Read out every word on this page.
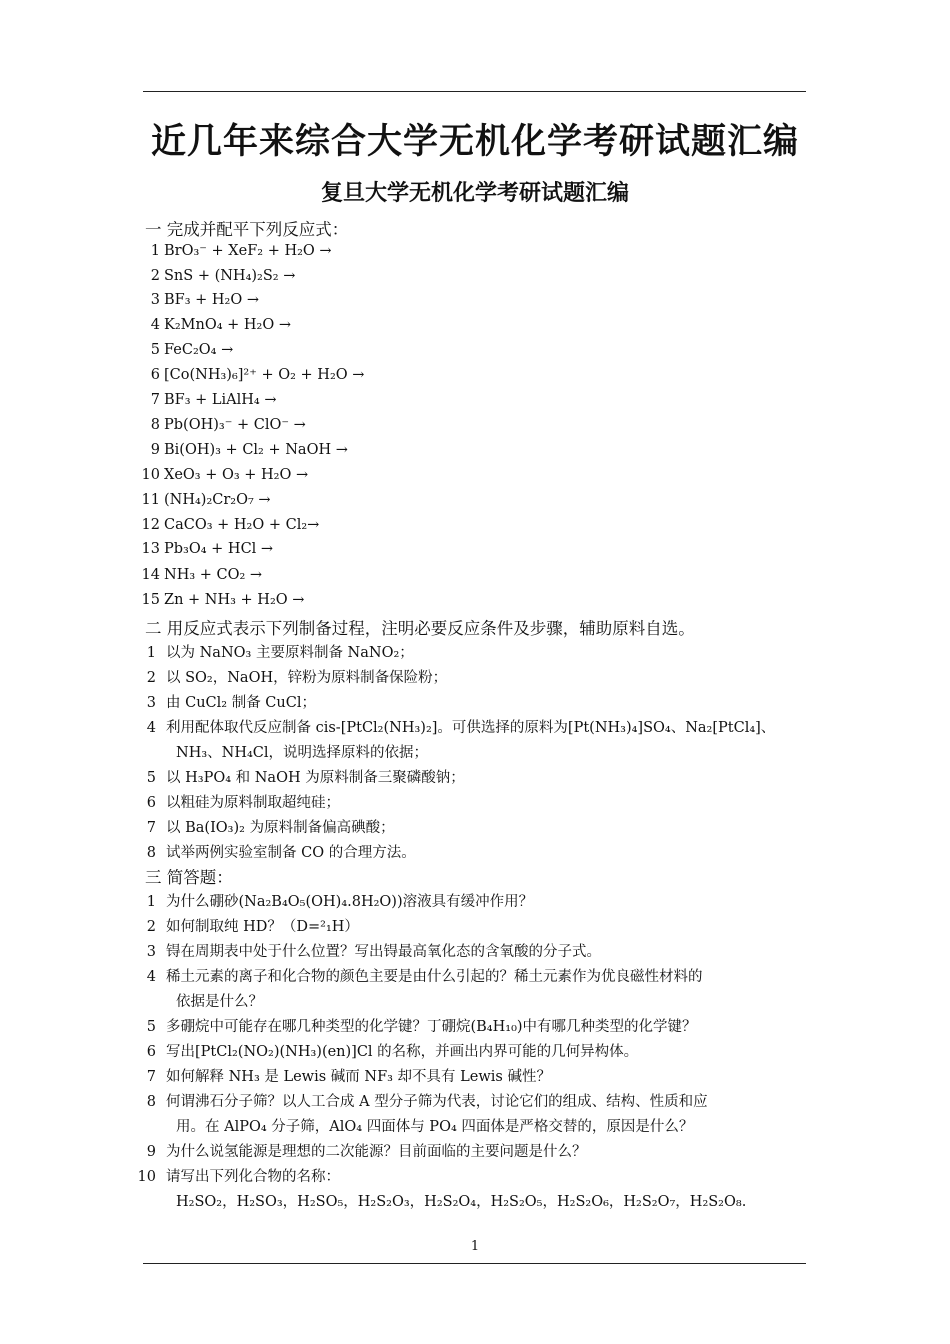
近几年来综合大学无机化学考研试题汇编
复旦大学无机化学考研试题汇编
一 完成并配平下列反应式：
1 BrO₃⁻ + XeF₂ + H₂O →
2 SnS + (NH₄)₂S₂ →
3 BF₃ + H₂O →
4 K₂MnO₄ + H₂O →
5 FeC₂O₄ →
6 [Co(NH₃)₆]²⁺ + O₂ + H₂O →
7 BF₃ + LiAlH₄ →
8 Pb(OH)₃⁻ + ClO⁻ →
9 Bi(OH)₃ + Cl₂ + NaOH →
10 XeO₃ + O₃ + H₂O →
11 (NH₄)₂Cr₂O₇ →
12 CaCO₃ + H₂O + Cl₂→
13 Pb₃O₄ + HCl →
14 NH₃ + CO₂ →
15 Zn + NH₃ + H₂O →
二 用反应式表示下列制备过程，注明必要反应条件及步骤，辅助原料自选。
1 以为 NaNO₃ 主要原料制备 NaNO₂；
2 以 SO₂，NaOH，锌粉为原料制备保险粉；
3 由 CuCl₂ 制备 CuCl；
4 利用配体取代反应制备 cis-[PtCl₂(NH₃)₂]。可供选择的原料为[Pt(NH₃)₄]SO₄、Na₂[PtCl₄]、
NH₃、NH₄Cl，说明选择原料的依据；
5 以 H₃PO₄ 和 NaOH 为原料制备三聚磷酸钠；
6 以粗硅为原料制取超纯硅；
7 以 Ba(IO₃)₂ 为原料制备偏高碘酸；
8 试举两例实验室制备 CO 的合理方法。
三 简答题：
1 为什么硼砂(Na₂B₄O₅(OH)₄.8H₂O))溶液具有缓冲作用？
2 如何制取纯 HD？（D=²₁H）
3 锝在周期表中处于什么位置？写出锝最高氧化态的含氧酸的分子式。
4 稀土元素的离子和化合物的颜色主要是由什么引起的？稀土元素作为优良磁性材料的
依据是什么？
5 多硼烷中可能存在哪几种类型的化学键？丁硼烷(B₄H₁₀)中有哪几种类型的化学键？
6 写出[PtCl₂(NO₂)(NH₃)(en)]Cl 的名称，并画出内界可能的几何异构体。
7 如何解释 NH₃ 是 Lewis 碱而 NF₃ 却不具有 Lewis 碱性？
8 何谓沸石分子筛？以人工合成 A 型分子筛为代表，讨论它们的组成、结构、性质和应
用。在 AlPO₄ 分子筛，AlO₄ 四面体与 PO₄ 四面体是严格交替的，原因是什么？
9 为什么说氢能源是理想的二次能源？目前面临的主要问题是什么？
10 请写出下列化合物的名称：
H₂SO₂，H₂SO₃，H₂SO₅，H₂S₂O₃，H₂S₂O₄，H₂S₂O₅，H₂S₂O₆，H₂S₂O₇，H₂S₂O₈.
1
